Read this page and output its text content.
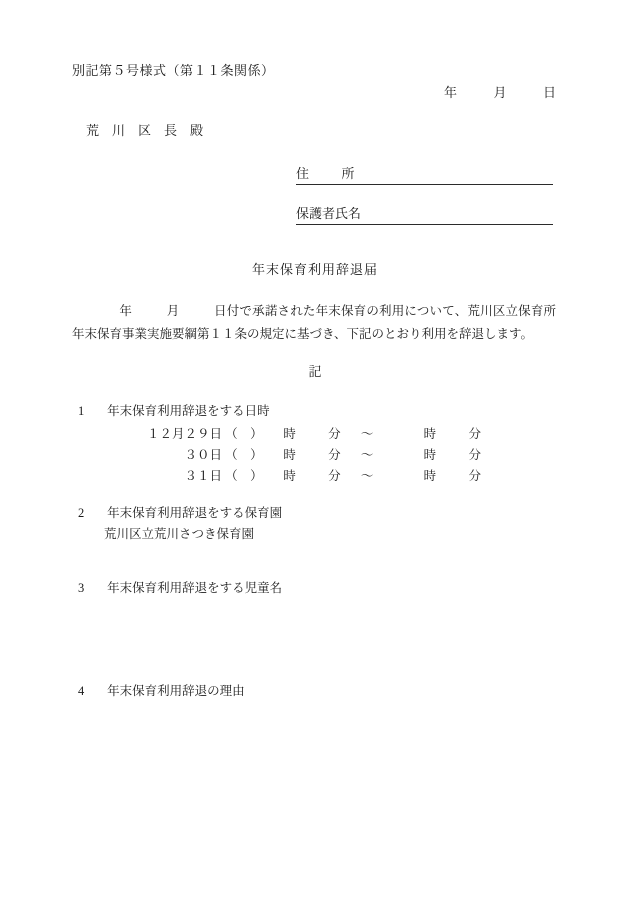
別記第５号様式（第１１条関係）
年	月	日
荒　川　区　長　殿
住	所
保護者氏名
年末保育利用辞退届
年	月	日付で承諾された年末保育の利用について、荒川区立保育所年末保育事業実施要綱第１１条の規定に基づき、下記のとおり利用を辞退します。
記
1 年末保育利用辞退をする日時
１２月２９日 （　） 時	分 ～	時	分
３０日 （　） 時	分 ～	時	分
３１日 （　） 時	分 ～	時	分
2 年末保育利用辞退をする保育園
荒川区立荒川さつき保育園
3 年末保育利用辞退をする児童名
4 年末保育利用辞退の理由
